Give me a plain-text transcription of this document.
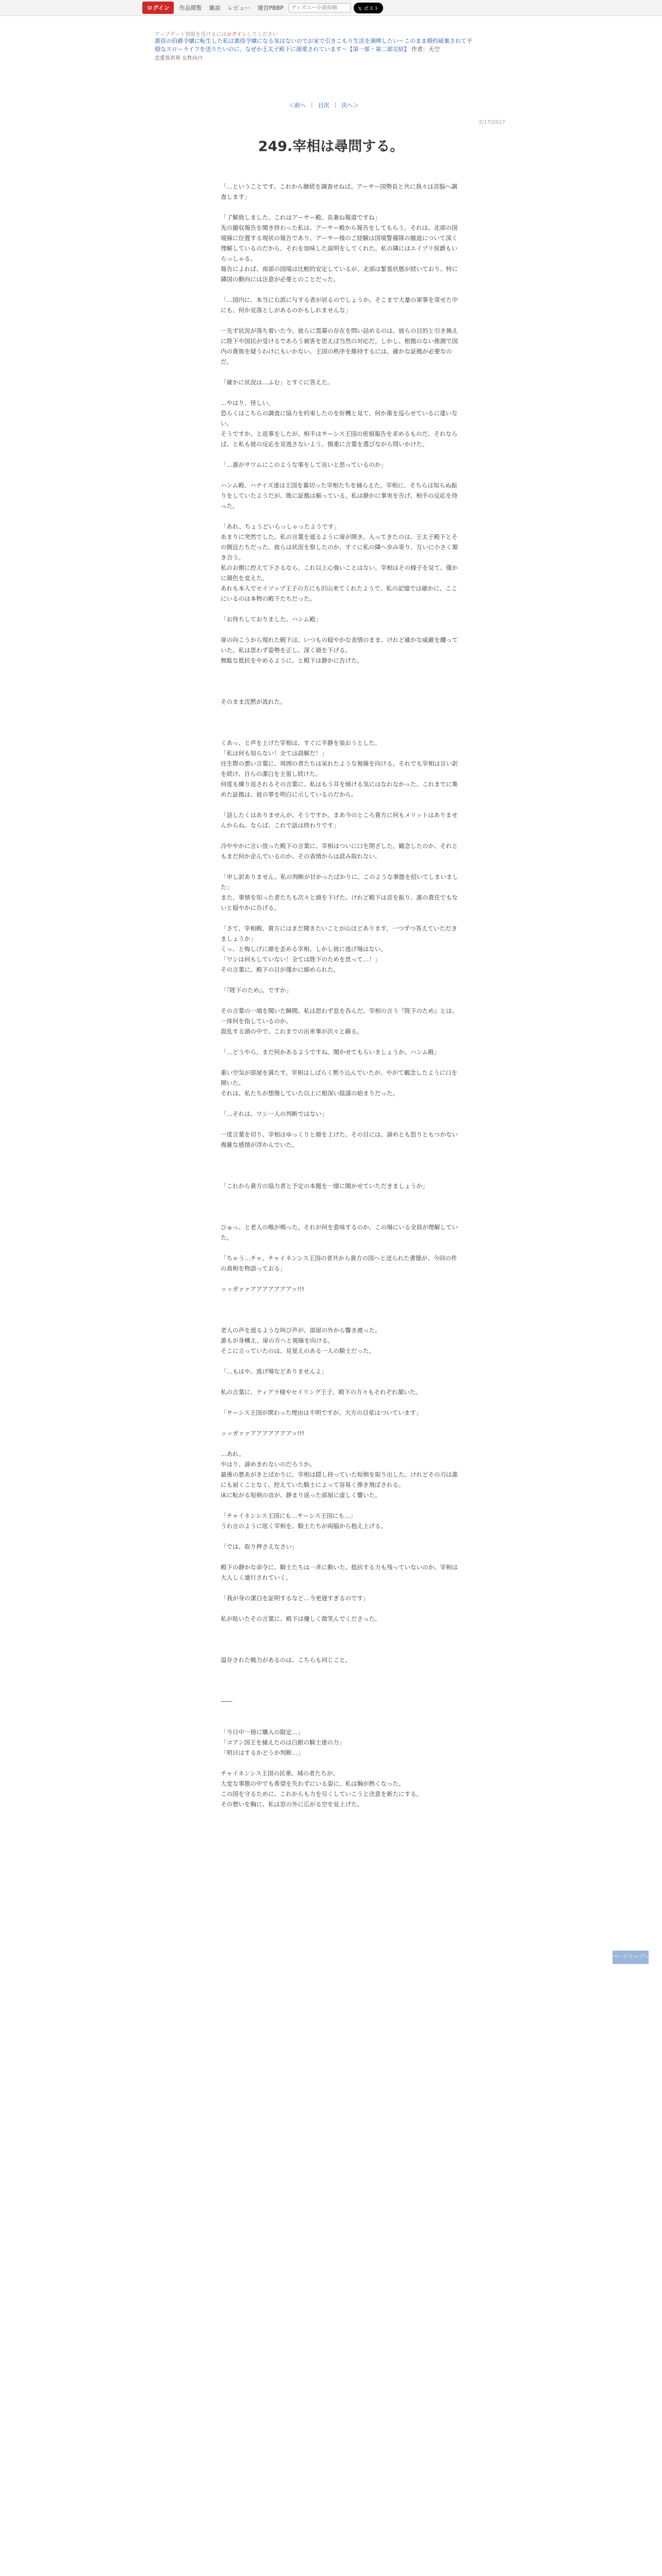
ログイン	作品閲覧	雑談	レビュー	運営PBBP
ディズニー小説投稿	𝕏 ポスト
アップデート情報を受けるにはログインしてください
悪役の伯爵令嬢に転生した私は悪役令嬢になる気はないのでお家で引きこもり生活を満喫したい～このまま婚約破棄されて平穏なスローライフを送りたいのに、なぜか王太子殿下に溺愛されています～【第一部・第二部完結】 作者：天空
恋愛異世界 女性向け
＜前へ | 目次 | 次へ＞
2/17/2017
249.宰相は尋問する。

「…ということです。これから継続を調査せねば。アーサー国勢長と共に我々は首脳へ調査します」

「了解致しました。これはアーサー殿、長兼ね報道ですね」

先の撤収報告を聞き終わった私は、アーサー殿から報告をしてもらう。それは、北部の国境線に位置する現状の報告であり、アーサー様のご経験は国境警備隊の撤退について深く理解しているのだから、それを加味した説明をしてくれた。私の隣にはエイプリ侯爵もいらっしゃる。

報告によれば、南部の国境は比較的安定しているが、北部は緊張状態が続いており、特に隣国の動向には注意が必要とのことだった。

「…国内に、本当に右派に与する者が居るのでしょうか。そこまで大量の軍事を寄せた中にも、何か見落としがあるのかもしれませんな」

一先ず状況が落ち着いた今、彼らに黒幕の存在を問い詰めるのは、彼らの目的と引き換えに陛下や国民が受けるであろう被害を思えば当然の対応だ。しかし、根拠のない推測で国内の貴族を疑うわけにもいかない。王国の秩序を維持するには、確かな証拠が必要なのだ。

「確かに状況は…ふむ」とすぐに答えた。

…やはり、怪しい。

恐らくはこちらの調査に協力を約束したのを好機と見て、何か策を巡らせているに違いない。

そうですか、と返事をしたが、相手はサーシス王国の密偵報告を求めるものだ。それならば、と私も彼の反応を見逃さないよう、慎重に言葉を選びながら問いかけた。

「…誰がサワムにこのような事をして良いと思っているのか」

ハンム殿、ハナイズ達は王国を裏切った宰相たちを捕らえた。宰相に、そちらは知らぬ振りをしていたようだが、既に証拠は揃っている。私は静かに事実を告げ、相手の反応を待った。

「あれ、ちょうどいらっしゃったようです」

あまりに突然でした。私の言葉を遮るように扉が開き、入ってきたのは、王太子殿下とその側近たちだった。彼らは状況を察したのか、すぐに私の隣へ歩み寄り、互いに小さく頷き合う。

私のお側に控えて下さるなら、これ以上心強いことはない。宰相はその様子を見て、僅かに顔色を変えた。

あれも本人でセイソップ王子の方にも沢山来てくれたようで、私の記憶では確かに、ここにいるのは本物の殿下たちだった。

「お待ちしておりました、ハンム殿」

扉の向こうから現れた殿下は、いつもの穏やかな表情のまま、けれど確かな威厳を纏っていた。私は思わず姿勢を正し、深く頭を下げる。

無駄な抵抗をやめるように、と殿下は静かに告げた。

そのまま沈黙が流れた。

くあっ、と声を上げた宰相は、すぐに平静を装おうとした。

「私は何も知らない！全ては誤解だ！」

往生際の悪い言葉に、周囲の者たちは呆れたような視線を向ける。それでも宰相は言い訳を続け、自らの潔白を主張し続けた。

何度も繰り返されるその言葉に、私はもう耳を傾ける気にはなれなかった。これまでに集めた証拠は、彼の罪を明白に示しているのだから。

「話したくはありませんが、そうですか。まあ今のところ貴方に何もメリットはありませんからね。ならば、これで話は終わりです」

冷ややかに言い放った殿下の言葉に、宰相はついに口を閉ざした。観念したのか、それともまだ何か企んでいるのか、その表情からは読み取れない。

「申し訳ありません。私の判断が甘かったばかりに、このような事態を招いてしまいました」

また、事情を知った者たちも次々と頭を下げた。けれど殿下は首を振り、誰の責任でもないと穏やかに告げる。

「さて、宰相殿。貴方にはまだ聞きたいことが山ほどあります。一つずつ答えていただきましょうか」

くっ、と悔しげに顔を歪める宰相。しかし彼に逃げ場はない。

「ワシは何もしていない！全ては陛下のためを思って…！」

その言葉に、殿下の目が僅かに細められた。

「『陛下のため』、ですか」

その言葉の一端を聞いた瞬間、私は思わず息を呑んだ。宰相の言う『陛下のため』とは、一体何を指しているのか。

混乱する頭の中で、これまでの出来事が次々と蘇る。

「…どうやら、まだ何かあるようですね。聞かせてもらいましょうか、ハンム殿」

重い空気が部屋を満たす。宰相はしばらく黙り込んでいたが、やがて観念したように口を開いた。

それは、私たちが想像していた以上に根深い陰謀の始まりだった。

「…それは、ワシ一人の判断ではない」

一度言葉を切り、宰相はゆっくりと顔を上げた。その目には、諦めとも怒りともつかない複雑な感情が浮かんでいた。

「これから貴方の協力者と予定の本題を一緒に聞かせていただきましょうか」

ひゅっ、と老人の喉が鳴った。それが何を意味するのか、この場にいる全員が理解していた。

「ちゃう…チャ、チャイネンシス王国の者共から貴方の国へと送られた書簡が、今回の件の真相を物語っておる」

ッッガァァアアアアアアアッ!!!

老人の声を遮るような叫び声が、部屋の外から響き渡った。

誰もが身構え、扉の方へと視線を向ける。

そこに立っていたのは、見覚えのある一人の騎士だった。

「…もはや、逃げ場などありませんよ」

私の言葉に、ティアラ様やセイリング王子、殿下の方々もそれぞれ頷いた。

「サーシス王国が関わった理由は不明ですが、大方の目星はついています」

ッッガァァアアアアアアアッ!!!

…あれ。

やはり、諦めきれないのだろうか。

最後の悪あがきとばかりに、宰相は隠し持っていた短剣を取り出した。けれどその刃は誰にも届くことなく、控えていた騎士によって容易く弾き飛ばされる。

床に転がる短剣の音が、静まり返った部屋に虚しく響いた。

「チャイネンシス王国にも…サーシス王国にも…」

うわ言のように呟く宰相を、騎士たちが両脇から抱え上げる。

「では、取り押さえなさい」

殿下の静かな命令に、騎士たちは一斉に動いた。抵抗する力も残っていないのか、宰相は大人しく連行されていく。

「我が身の潔白を証明するなど…今更遅すぎるのです」

私が呟いたその言葉に、殿下は優しく微笑んでくださった。

温存された戦力があるのは、こちらも同じこと。

——

「今日中一冊に購入の限定…」

「コアン国王を捕えたのは白銀の騎士達の力」

「明日はするかどうか判断…」

チャイネンシス王国の民衆、城の者たちが、

大変な事態の中でも希望を失わずにいる姿に、私は胸が熱くなった。

この国を守るために、これからも力を尽くしていこうと決意を新たにする。

その想いを胸に、私は窓の外に広がる空を見上げた。

ページトップへ
